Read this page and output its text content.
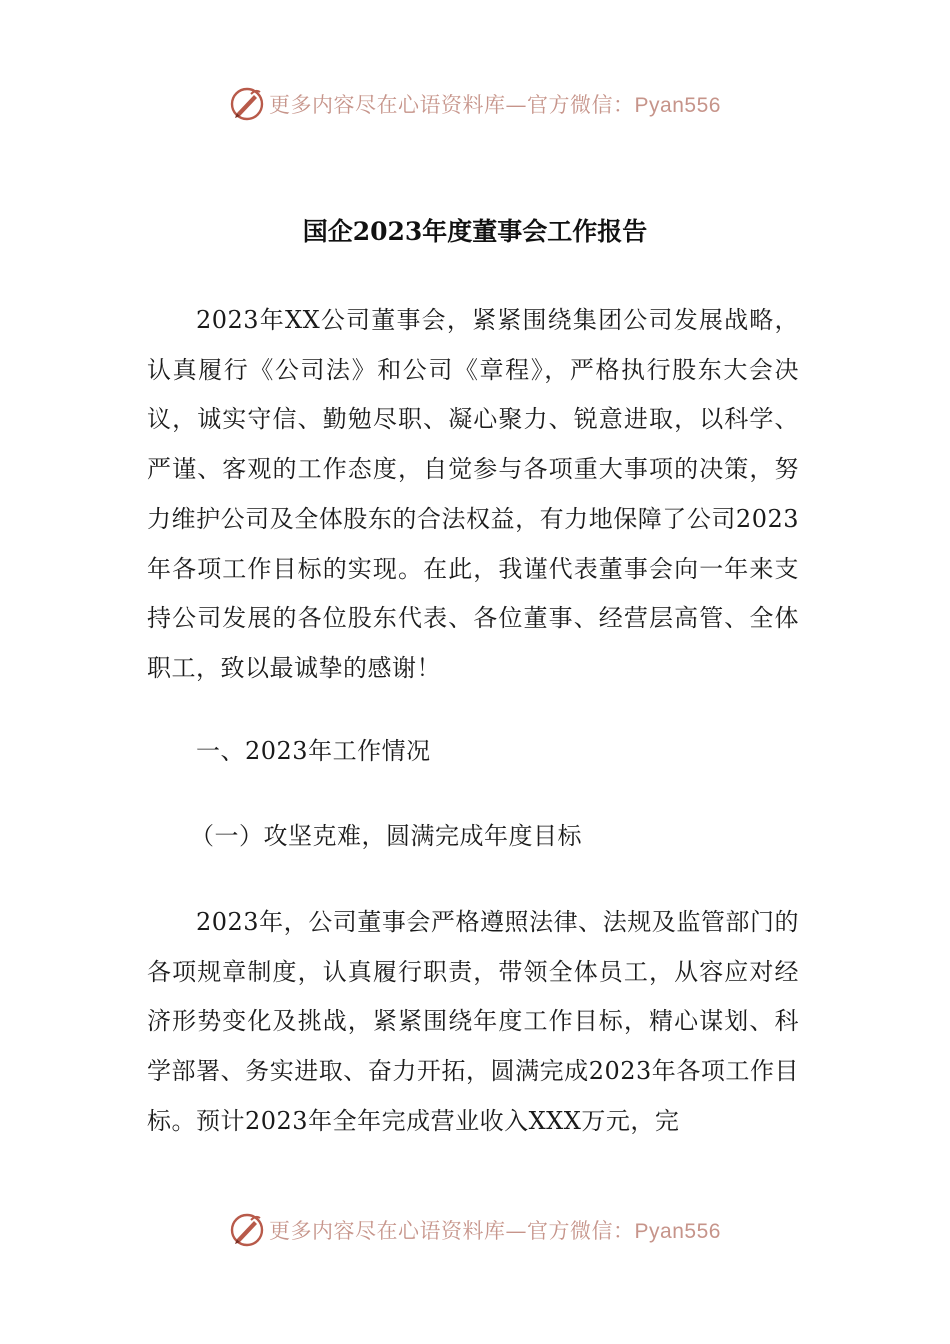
更多内容尽在心语资料库—官方微信：Pyan556
国企2023年度董事会工作报告

2023年XX公司董事会，紧紧围绕集团公司发展战略，认真履行《公司法》和公司《章程》，严格执行股东大会决议，诚实守信、勤勉尽职、凝心聚力、锐意进取，以科学、严谨、客观的工作态度，自觉参与各项重大事项的决策，努力维护公司及全体股东的合法权益，有力地保障了公司2023年各项工作目标的实现。在此，我谨代表董事会向一年来支持公司发展的各位股东代表、各位董事、经营层高管、全体职工，致以最诚挚的感谢！

一、2023年工作情况

（一）攻坚克难，圆满完成年度目标

2023年，公司董事会严格遵照法律、法规及监管部门的各项规章制度，认真履行职责，带领全体员工，从容应对经济形势变化及挑战，紧紧围绕年度工作目标，精心谋划、科学部署、务实进取、奋力开拓，圆满完成2023年各项工作目标。预计2023年全年完成营业收入XXX万元，完

更多内容尽在心语资料库—官方微信：Pyan556
